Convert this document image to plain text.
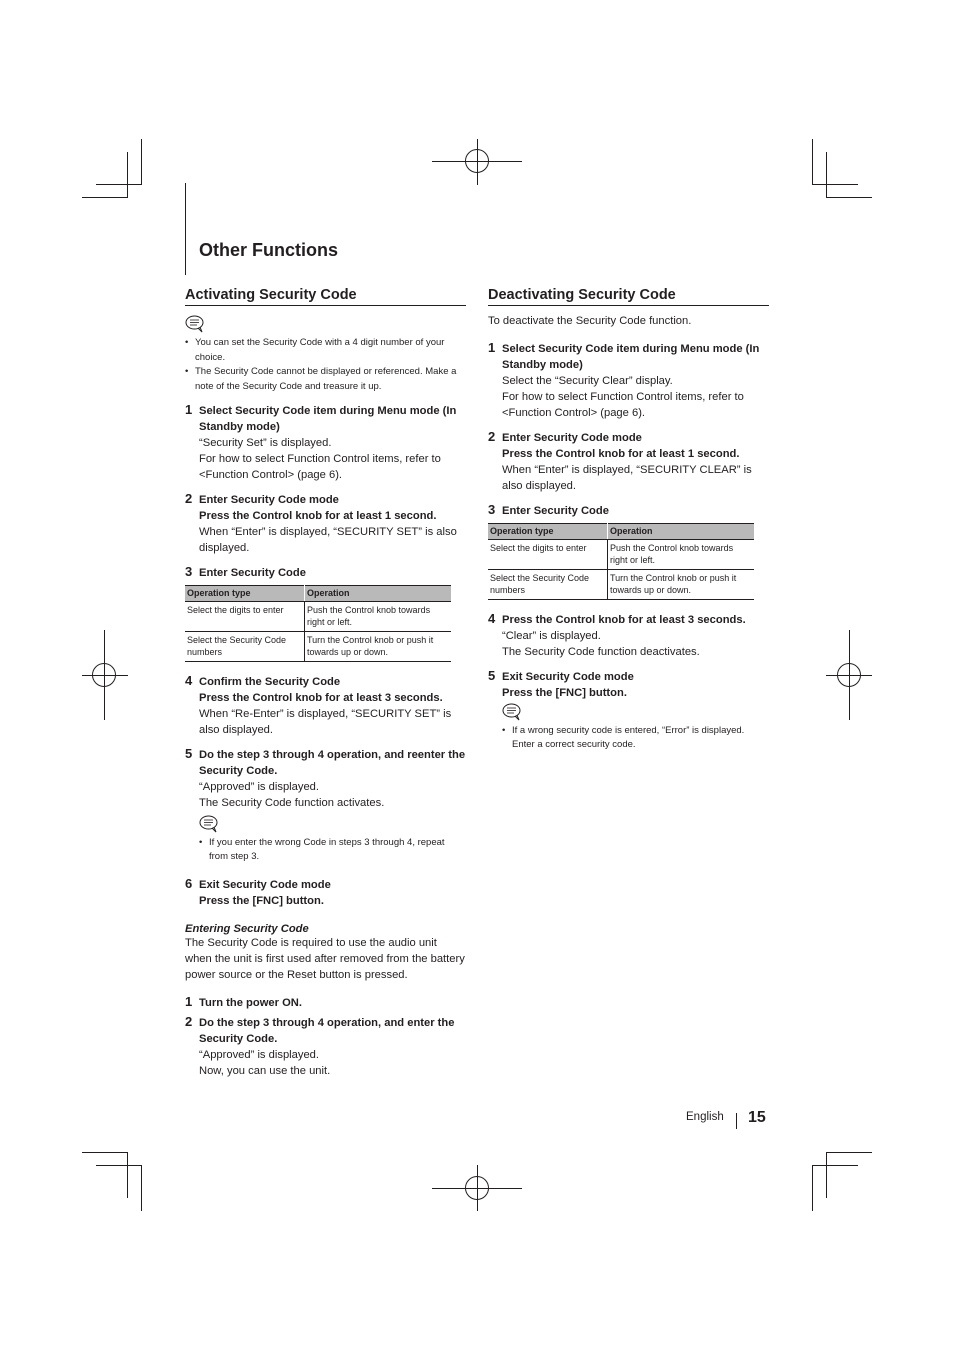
Other Functions
Activating Security Code
• You can set the Security Code with a 4 digit number of your choice.
• The Security Code cannot be displayed or referenced. Make a note of the Security Code and treasure it up.
1 Select Security Code item during Menu mode (In Standby mode)
“Security Set” is displayed.
For how to select Function Control items, refer to <Function Control> (page 6).
2 Enter Security Code mode
Press the Control knob for at least 1 second.
When “Enter” is displayed, “SECURITY SET” is also displayed.
3 Enter Security Code
Operation type	Operation
Select the digits to enter	Push the Control knob towards right or left.
Select the Security Code numbers	Turn the Control knob or push it towards up or down.
4 Confirm the Security Code
Press the Control knob for at least 3 seconds.
When “Re-Enter” is displayed, “SECURITY SET” is also displayed.
5 Do the step 3 through 4 operation, and reenter the Security Code.
“Approved” is displayed.
The Security Code function activates.
• If you enter the wrong Code in steps 3 through 4, repeat from step 3.
6 Exit Security Code mode
Press the [FNC] button.
Entering Security Code
The Security Code is required to use the audio unit when the unit is first used after removed from the battery power source or the Reset button is pressed.
1 Turn the power ON.
2 Do the step 3 through 4 operation, and enter the Security Code.
“Approved” is displayed.
Now, you can use the unit.
Deactivating Security Code
To deactivate the Security Code function.
1 Select Security Code item during Menu mode (In Standby mode)
Select the “Security Clear” display.
For how to select Function Control items, refer to <Function Control> (page 6).
2 Enter Security Code mode
Press the Control knob for at least 1 second.
When “Enter” is displayed, “SECURITY CLEAR” is also displayed.
3 Enter Security Code
Operation type	Operation
Select the digits to enter	Push the Control knob towards right or left.
Select the Security Code numbers	Turn the Control knob or push it towards up or down.
4 Press the Control knob for at least 3 seconds.
“Clear” is displayed.
The Security Code function deactivates.
5 Exit Security Code mode
Press the [FNC] button.
• If a wrong security code is entered, “Error” is displayed. Enter a correct security code.
English 15
